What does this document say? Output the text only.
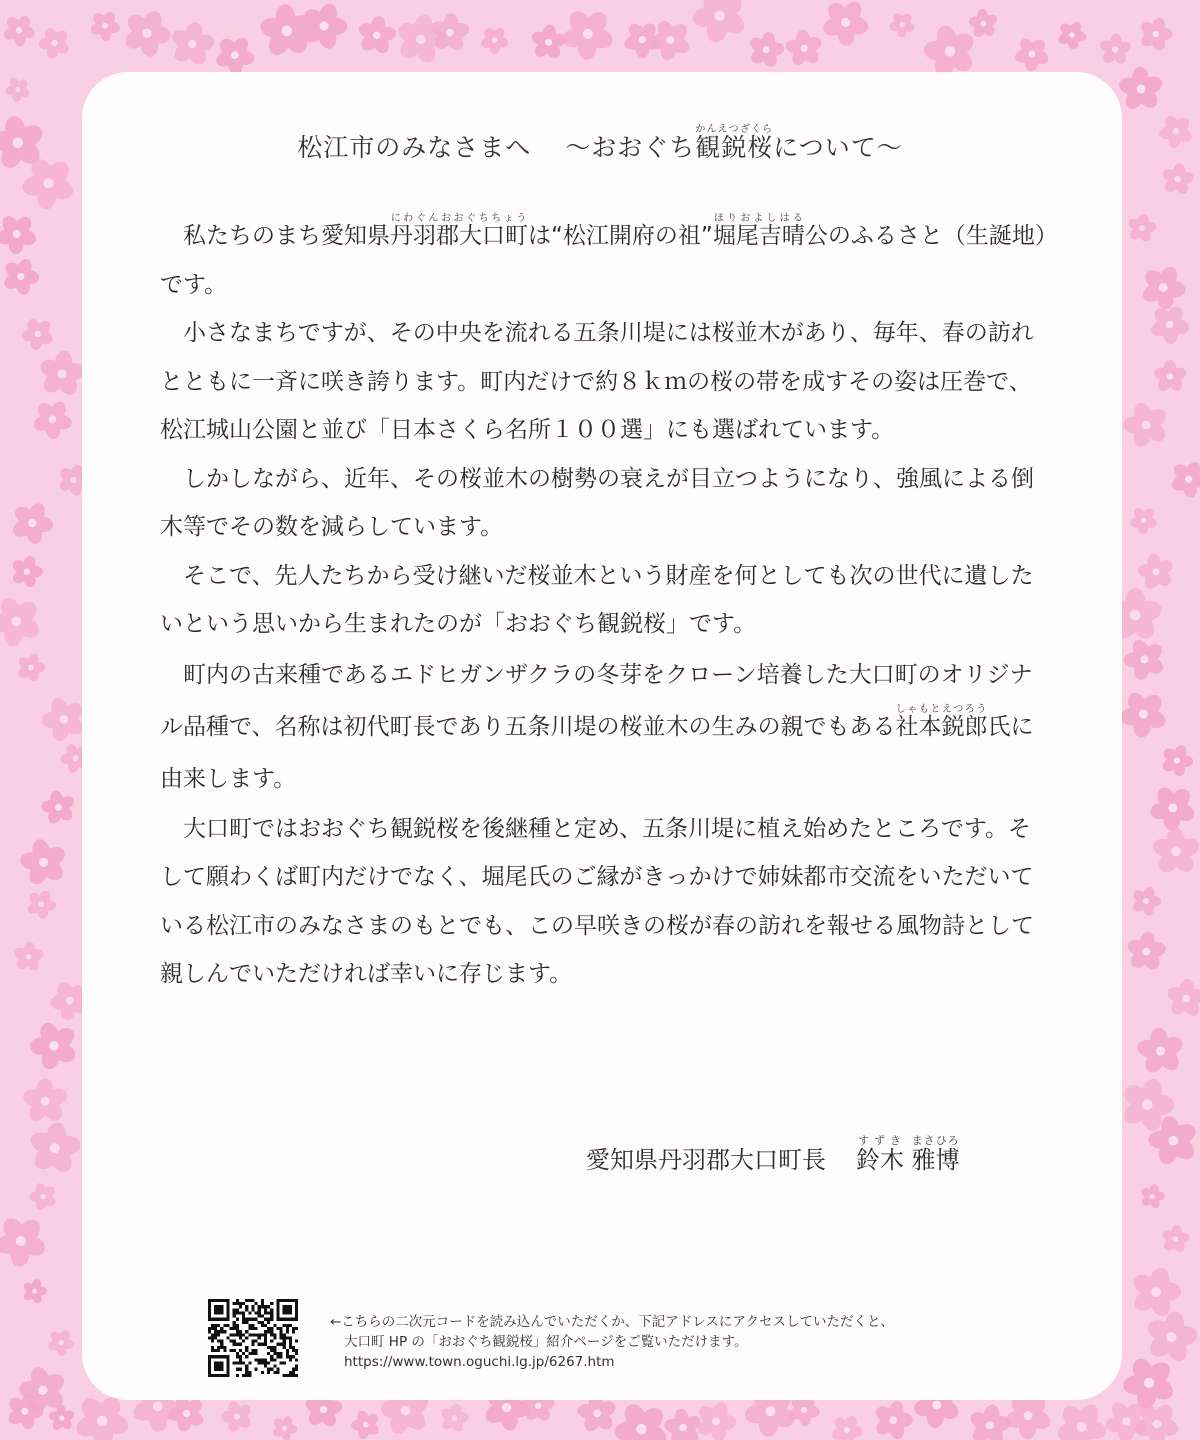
松江市のみなさまへ 〜おおぐち観鋭桜かんえつざくらについて〜

私たちのまち愛知県丹羽郡大口町にわぐんおおぐちちょうは“松江開府の祖”堀尾吉晴ほりおよしはる公のふるさと（生誕地）です。

小さなまちですが、その中央を流れる五条川堤には桜並木があり、毎年、春の訪れとともに一斉に咲き誇ります。町内だけで約８ｋｍの桜の帯を成すその姿は圧巻で、松江城山公園と並び「日本さくら名所１００選」にも選ばれています。

しかしながら、近年、その桜並木の樹勢の衰えが目立つようになり、強風による倒木等でその数を減らしています。

そこで、先人たちから受け継いだ桜並木という財産を何としても次の世代に遺したいという思いから生まれたのが「おおぐち観鋭桜」です。

町内の古来種であるエドヒガンザクラの冬芽をクローン培養した大口町のオリジナル品種で、名称は初代町長であり五条川堤の桜並木の生みの親でもある社本鋭郎しゃもとえつろう氏に由来します。

大口町ではおおぐち観鋭桜を後継種と定め、五条川堤に植え始めたところです。そして願わくば町内だけでなく、堀尾氏のご縁がきっかけで姉妹都市交流をいただいている松江市のみなさまのもとでも、この早咲きの桜が春の訪れを報せる風物詩として親しんでいただければ幸いに存じます。

愛知県丹羽郡大口町長 鈴木すずき 雅博まさひろ
←こちらの二次元コードを読み込んでいただくか、下記アドレスにアクセスしていただくと、
大口町 HP の「おおぐち観鋭桜」紹介ページをご覧いただけます。
https://www.town.oguchi.lg.jp/6267.htm
